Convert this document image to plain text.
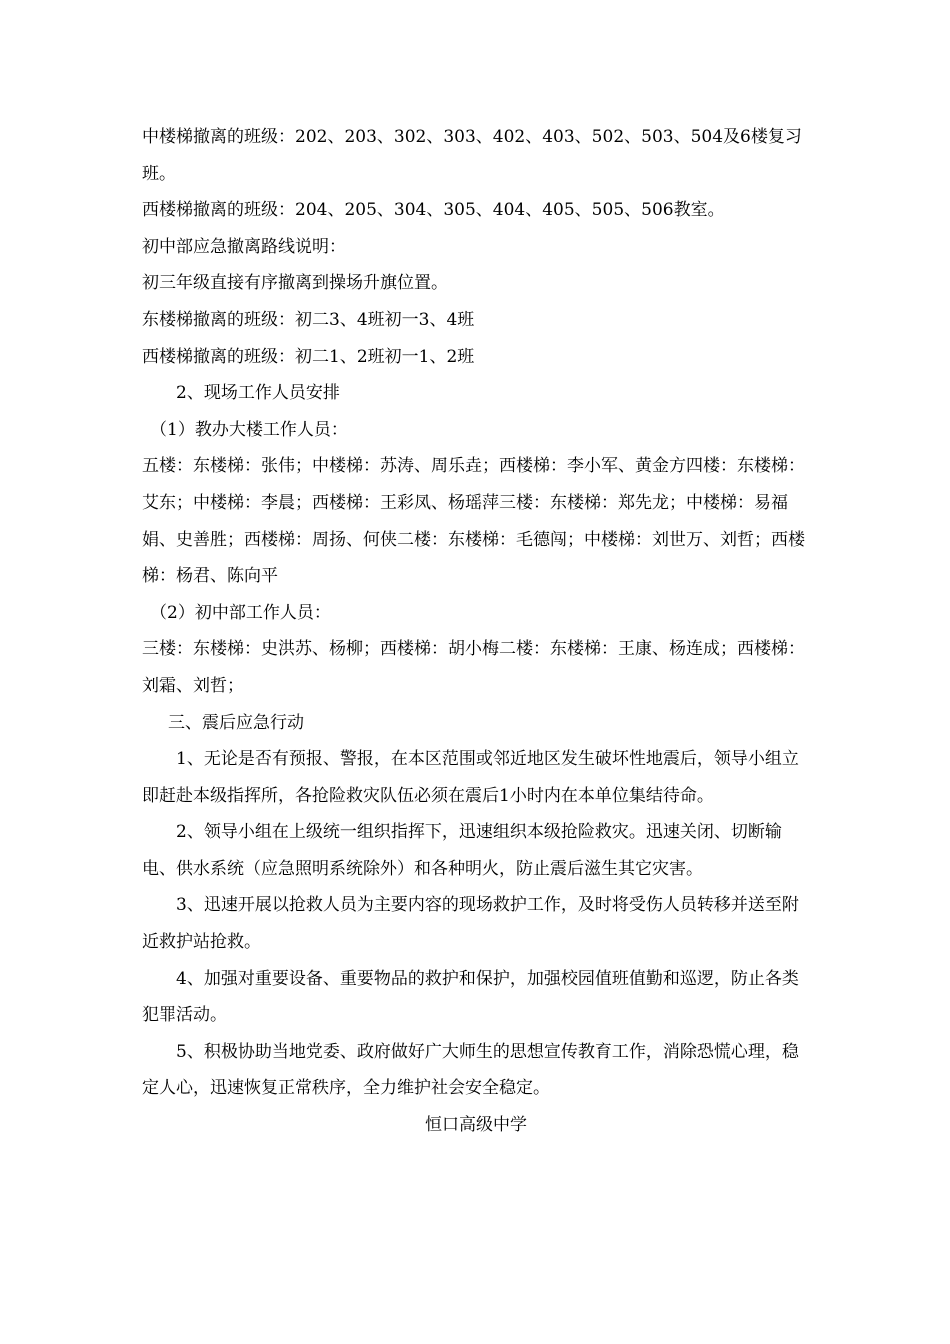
中楼梯撤离的班级：202、203、302、303、402、403、502、503、504及6楼复习班。

西楼梯撤离的班级：204、205、304、305、404、405、505、506教室。

初中部应急撤离路线说明：

初三年级直接有序撤离到操场升旗位置。

东楼梯撤离的班级：初二3、4班初一3、4班

西楼梯撤离的班级：初二1、2班初一1、2班

2、现场工作人员安排

（1）教办大楼工作人员：

五楼：东楼梯：张伟；中楼梯：苏涛、周乐垚；西楼梯：李小军、黄金方四楼：东楼梯：艾东；中楼梯：李晨；西楼梯：王彩凤、杨瑶萍三楼：东楼梯：郑先龙；中楼梯：易福娟、史善胜；西楼梯：周扬、何侠二楼：东楼梯：毛德闯；中楼梯：刘世万、刘哲；西楼梯：杨君、陈向平

（2）初中部工作人员：

三楼：东楼梯：史洪苏、杨柳；西楼梯：胡小梅二楼：东楼梯：王康、杨连成；西楼梯：刘霜、刘哲；

三、震后应急行动

1、无论是否有预报、警报，在本区范围或邻近地区发生破坏性地震后，领导小组立即赶赴本级指挥所，各抢险救灾队伍必须在震后1小时内在本单位集结待命。

2、领导小组在上级统一组织指挥下，迅速组织本级抢险救灾。迅速关闭、切断输电、供水系统（应急照明系统除外）和各种明火，防止震后滋生其它灾害。

3、迅速开展以抢救人员为主要内容的现场救护工作，及时将受伤人员转移并送至附近救护站抢救。

4、加强对重要设备、重要物品的救护和保护，加强校园值班值勤和巡逻，防止各类犯罪活动。

5、积极协助当地党委、政府做好广大师生的思想宣传教育工作，消除恐慌心理，稳定人心，迅速恢复正常秩序，全力维护社会安全稳定。

恒口高级中学
